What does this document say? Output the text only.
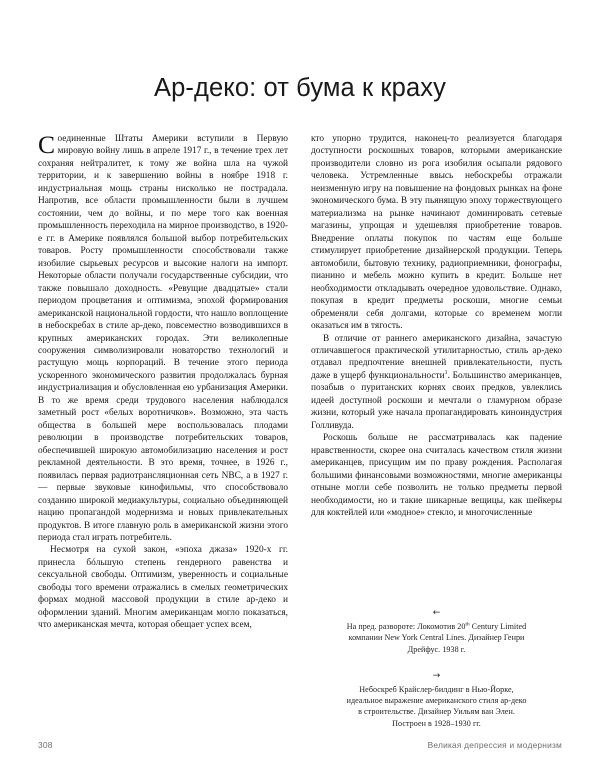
Ар-деко: от бума к краху

Соединенные Штаты Америки вступили в Первую мировую войну лишь в апреле 1917 г., в течение трех лет сохраняя нейтралитет, к тому же война шла на чужой территории, и к завершению войны в ноябре 1918 г. индустриальная мощь страны нисколько не пострадала. Напротив, все области промышленности были в лучшем состоянии, чем до войны, и по мере того как военная промышленность переходила на мирное производство, в 1920-е гг. в Америке появлялся большой выбор потребительских товаров. Росту промышленности способствовали также изобилие сырьевых ресурсов и высокие налоги на импорт. Некоторые области получали государственные субсидии, что также повышало доходность. «Ревущие двадцатые» стали периодом процветания и оптимизма, эпохой формирования американской национальной гордости, что нашло воплощение в небоскребах в стиле ар-деко, повсеместно возводившихся в крупных американских городах. Эти великолепные сооружения символизировали новаторство технологий и растущую мощь корпораций. В течение этого периода ускоренного экономического развития продолжалась бурная индустриализация и обусловленная ею урбанизация Америки. В то же время среди трудового населения наблюдался заметный рост «белых воротничков». Возможно, эта часть общества в большей мере воспользовалась плодами революции в производстве потребительских товаров, обеспечившей широкую автомобилизацию населения и рост рекламной деятельности. В это время, точнее, в 1926 г., появилась первая радиотрансляционная сеть NBC, а в 1927 г. — первые звуковые кинофильмы, что способствовало созданию широкой медиакультуры, социально объединяющей нацию пропагандой модернизма и новых привлекательных продуктов. В итоге главную роль в американской жизни этого периода стал играть потребитель.

Несмотря на сухой закон, «эпоха джаза» 1920-х гг. принесла бóльшую степень гендерного равенства и сексуальной свободы. Оптимизм, уверенность и социальные свободы того времени отражались в смелых геометрических формах модной массовой продукции в стиле ар-деко и оформлении зданий. Многим американцам могло показаться, что американская мечта, которая обещает успех всем,

кто упорно трудится, наконец-то реализуется благодаря доступности роскошных товаров, которыми американские производители словно из рога изобилия осыпали рядового человека. Устремленные ввысь небоскребы отражали неизменную игру на повышение на фондовых рынках на фоне экономического бума. В эту пьянящую эпоху торжествующего материализма на рынке начинают доминировать сетевые магазины, упрощая и удешевляя приобретение товаров. Внедрение оплаты покупок по частям еще больше стимулирует приобретение дизайнерской продукции. Теперь автомобили, бытовую технику, радиоприемники, фонографы, пианино и мебель можно купить в кредит. Больше нет необходимости откладывать очередное удовольствие. Однако, покупая в кредит предметы роскоши, многие семьи обременяли себя долгами, которые со временем могли оказаться им в тягость.

В отличие от раннего американского дизайна, зачастую отличавшегося практической утилитарностью, стиль ар-деко отдавал предпочтение внешней привлекательности, пусть даже в ущерб функциональности$^1$. Большинство американцев, позабыв о пуританских корнях своих предков, увлеклись идеей доступной роскоши и мечтали о гламурном образе жизни, который уже начала пропагандировать киноиндустрия Голливуда.

Роскошь больше не рассматривалась как падение нравственности, скорее она считалась качеством стиля жизни американцев, присущим им по праву рождения. Располагая большими финансовыми возможностями, многие американцы отныне могли себе позволить не только предметы первой необходимости, но и такие шикарные вещицы, как шейкеры для коктейлей или «модное» стекло, и многочисленные

←
На пред. развороте: Локомотив 20th Century Limited
компании New York Central Lines. Дизайнер Генри
Дрейфус. 1938 г.
→
Небоскреб Крайслер-билдинг в Нью-Йорке,
идеальное выражение американского стиля ар-деко
в строительстве. Дизайнер Уильям ван Элен.
Построен в 1928–1930 гг.
308	Великая депрессия и модернизм
